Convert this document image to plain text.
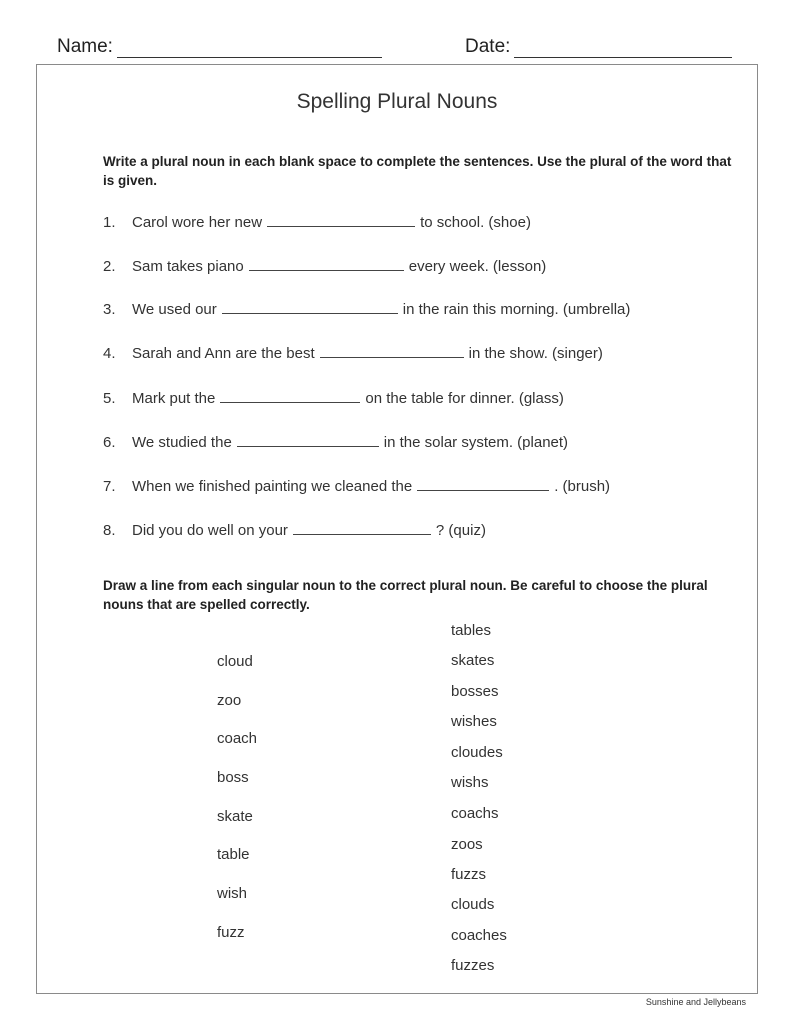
Name:	Date:
Spelling Plural Nouns
Write a plural noun in each blank space to complete the sentences. Use the plural of the word that is given.
1.	Carol wore her new	to school. (shoe)
2.	Sam takes piano	every week. (lesson)
3.	We used our	in the rain this morning. (umbrella)
4.	Sarah and Ann are the best	in the show. (singer)
5.	Mark put the	on the table for dinner. (glass)
6.	We studied the	in the solar system. (planet)
7.	When we finished painting we cleaned the	. (brush)
8.	Did you do well on your	? (quiz)
Draw a line from each singular noun to the correct plural noun. Be careful to choose the plural nouns that are spelled correctly.
cloud
zoo
coach
boss
skate
table
wish
fuzz
tables
skates
bosses
wishes
cloudes
wishs
coachs
zoos
fuzzs
clouds
coaches
fuzzes
Sunshine and Jellybeans
